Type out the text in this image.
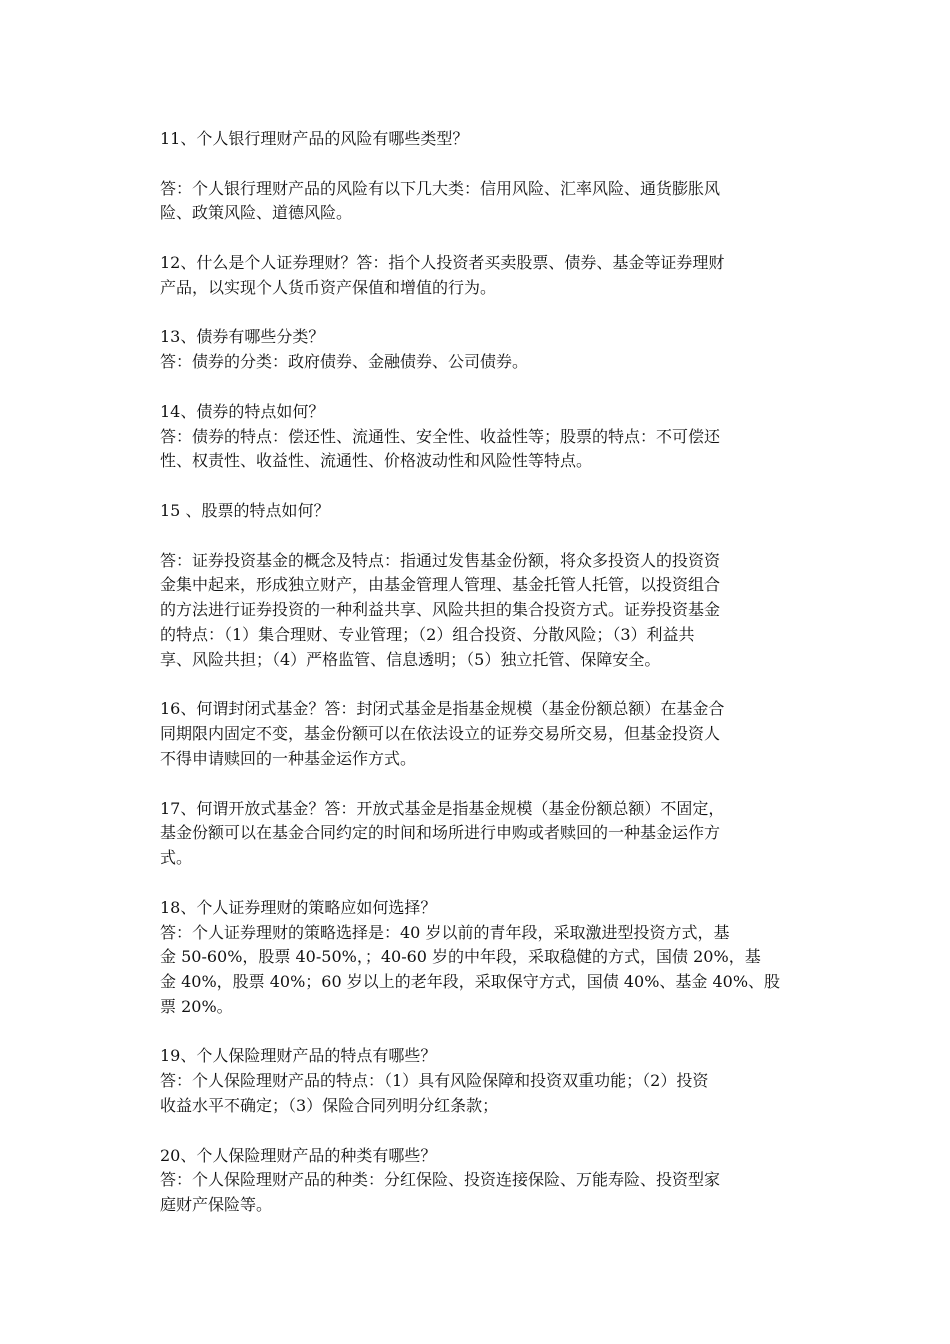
11、个人银行理财产品的风险有哪些类型？
答：个人银行理财产品的风险有以下几大类：信用风险、汇率风险、通货膨胀风
险、政策风险、道德风险。
12、什么是个人证券理财？答：指个人投资者买卖股票、债券、基金等证券理财
产品，以实现个人货币资产保值和增值的行为。
13、债券有哪些分类？
答：债券的分类：政府债券、金融债券、公司债券。
14、债券的特点如何？
答：债券的特点：偿还性、流通性、安全性、收益性等；股票的特点：不可偿还
性、权责性、收益性、流通性、价格波动性和风险性等特点。
15 、股票的特点如何？
答：证券投资基金的概念及特点：指通过发售基金份额，将众多投资人的投资资
金集中起来，形成独立财产，由基金管理人管理、基金托管人托管，以投资组合
的方法进行证券投资的一种利益共享、风险共担的集合投资方式。证券投资基金
的特点：（1）集合理财、专业管理；（2）组合投资、分散风险；（3）利益共
享、风险共担；（4）严格监管、信息透明；（5）独立托管、保障安全。
16、何谓封闭式基金？答：封闭式基金是指基金规模（基金份额总额）在基金合
同期限内固定不变，基金份额可以在依法设立的证券交易所交易，但基金投资人
不得申请赎回的一种基金运作方式。
17、何谓开放式基金？答：开放式基金是指基金规模（基金份额总额）不固定，
基金份额可以在基金合同约定的时间和场所进行申购或者赎回的一种基金运作方
式。
18、个人证券理财的策略应如何选择？
答：个人证券理财的策略选择是：40 岁以前的青年段，采取激进型投资方式，基
金 50-60%，股票 40-50%，；40-60 岁的中年段，采取稳健的方式，国债 20%，基
金 40%，股票 40%；60 岁以上的老年段，采取保守方式，国债 40%、基金 40%、股
票 20%。
19、个人保险理财产品的特点有哪些？
答：个人保险理财产品的特点：（1）具有风险保障和投资双重功能；（2）投资
收益水平不确定；（3）保险合同列明分红条款；
20、个人保险理财产品的种类有哪些？
答：个人保险理财产品的种类：分红保险、投资连接保险、万能寿险、投资型家
庭财产保险等。
